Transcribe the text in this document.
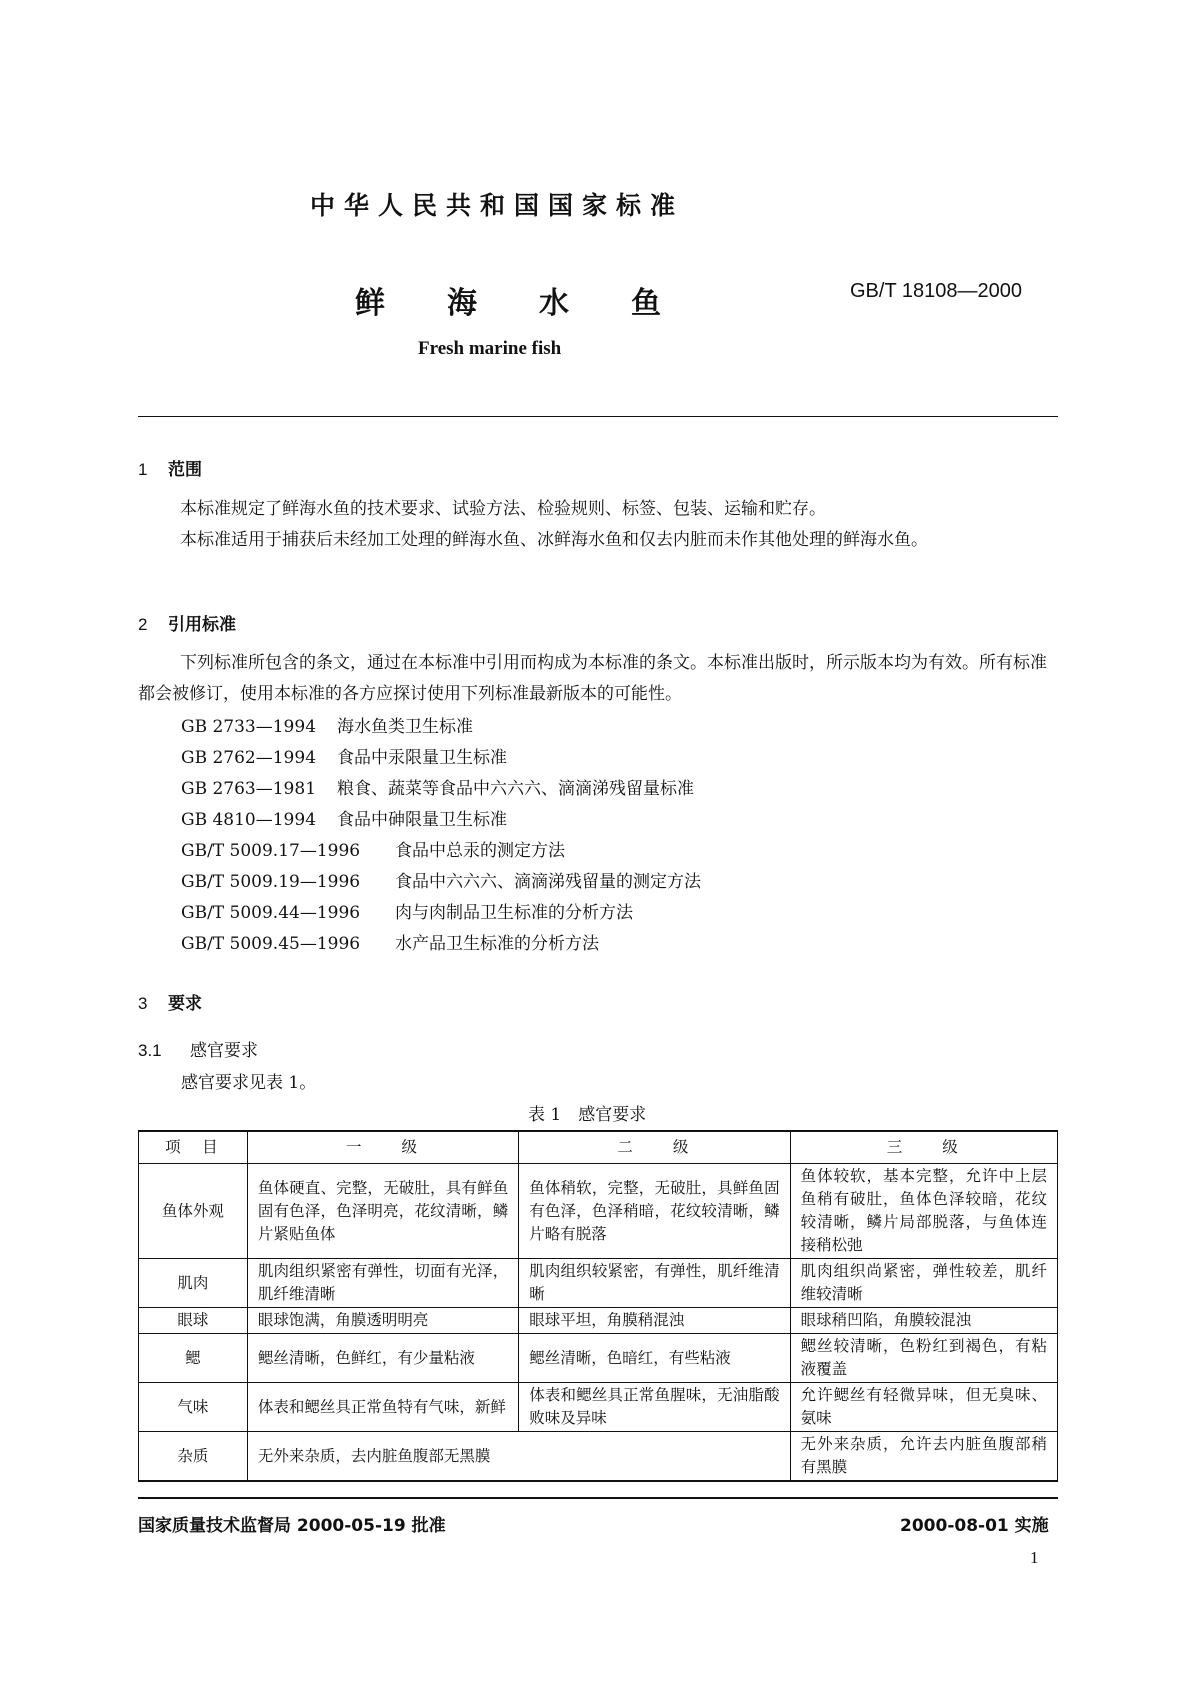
中华人民共和国国家标准
鲜海水鱼	GB/T 18108—2000
Fresh marine fish
1 范围
本标准规定了鲜海水鱼的技术要求、试验方法、检验规则、标签、包装、运输和贮存。
本标准适用于捕获后未经加工处理的鲜海水鱼、冰鲜海水鱼和仅去内脏而未作其他处理的鲜海水鱼。
2 引用标准
下列标准所包含的条文，通过在本标准中引用而构成为本标准的条文。本标准出版时，所示版本均为有效。所有标准都会被修订，使用本标准的各方应探讨使用下列标准最新版本的可能性。
GB 2733—1994 海水鱼类卫生标准
GB 2762—1994 食品中汞限量卫生标准
GB 2763—1981 粮食、蔬菜等食品中六六六、滴滴涕残留量标准
GB 4810—1994 食品中砷限量卫生标准
GB/T 5009.17—1996 食品中总汞的测定方法
GB/T 5009.19—1996 食品中六六六、滴滴涕残留量的测定方法
GB/T 5009.44—1996 肉与肉制品卫生标准的分析方法
GB/T 5009.45—1996 水产品卫生标准的分析方法
3 要求
3.1 感官要求
感官要求见表 1。
表 1　感官要求
项　目	一　　级	二　　级	三　　级
鱼体外观	鱼体硬直、完整，无破肚，具有鲜鱼固有色泽，色泽明亮，花纹清晰，鳞片紧贴鱼体	鱼体稍软，完整，无破肚，具鲜鱼固有色泽，色泽稍暗，花纹较清晰，鳞片略有脱落	鱼体较软，基本完整，允许中上层鱼稍有破肚，鱼体色泽较暗，花纹较清晰，鳞片局部脱落，与鱼体连接稍松弛
肌肉	肌肉组织紧密有弹性，切面有光泽，肌纤维清晰	肌肉组织较紧密，有弹性，肌纤维清晰	肌肉组织尚紧密，弹性较差，肌纤维较清晰
眼球	眼球饱满，角膜透明明亮	眼球平坦，角膜稍混浊	眼球稍凹陷，角膜较混浊
鳃	鳃丝清晰，色鲜红，有少量粘液	鳃丝清晰，色暗红，有些粘液	鳃丝较清晰，色粉红到褐色，有粘液覆盖
气味	体表和鳃丝具正常鱼特有气味，新鲜	体表和鳃丝具正常鱼腥味，无油脂酸败味及异味	允许鳃丝有轻微异味，但无臭味、氨味
杂质	无外来杂质，去内脏鱼腹部无黑膜		无外来杂质，允许去内脏鱼腹部稍有黑膜
国家质量技术监督局 2000-05-19 批准	2000-08-01 实施
1
